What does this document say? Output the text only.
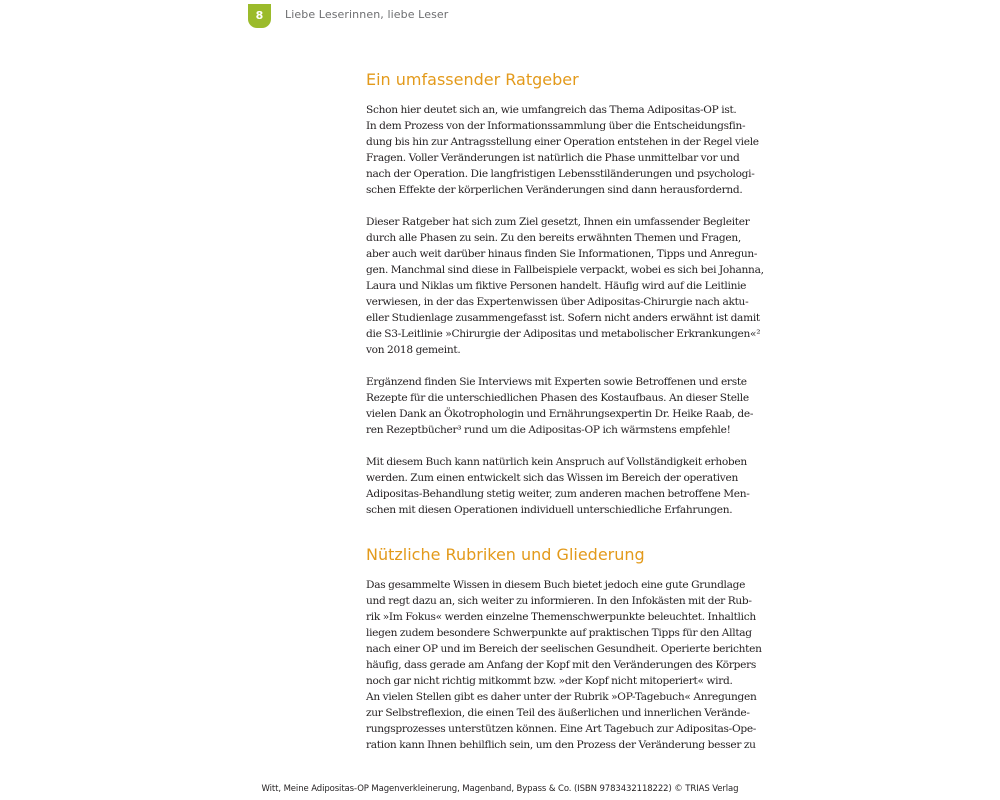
8	Liebe Leserinnen, liebe Leser
Ein umfassender Ratgeber

Schon hier deutet sich an, wie umfangreich das Thema Adipositas-OP ist.
In dem Prozess von der Informationssammlung über die Entscheidungsfin-
dung bis hin zur Antragsstellung einer Operation entstehen in der Regel viele
Fragen. Voller Veränderungen ist natürlich die Phase unmittelbar vor und
nach der Operation. Die langfristigen Lebensstiländerungen und psychologi-
schen Effekte der körperlichen Veränderungen sind dann herausfordernd.

Dieser Ratgeber hat sich zum Ziel gesetzt, Ihnen ein umfassender Begleiter
durch alle Phasen zu sein. Zu den bereits erwähnten Themen und Fragen,
aber auch weit darüber hinaus finden Sie Informationen, Tipps und Anregun-
gen. Manchmal sind diese in Fallbeispiele verpackt, wobei es sich bei Johanna,
Laura und Niklas um fiktive Personen handelt. Häufig wird auf die Leitlinie
verwiesen, in der das Expertenwissen über Adipositas-Chirurgie nach aktu-
eller Studienlage zusammengefasst ist. Sofern nicht anders erwähnt ist damit
die S3-Leitlinie »Chirurgie der Adipositas und metabolischer Erkrankungen«²
von 2018 gemeint.

Ergänzend finden Sie Interviews mit Experten sowie Betroffenen und erste
Rezepte für die unterschiedlichen Phasen des Kostaufbaus. An dieser Stelle
vielen Dank an Ökotrophologin und Ernährungsexpertin Dr. Heike Raab, de-
ren Rezeptbücher³ rund um die Adipositas-OP ich wärmstens empfehle!

Mit diesem Buch kann natürlich kein Anspruch auf Vollständigkeit erhoben
werden. Zum einen entwickelt sich das Wissen im Bereich der operativen
Adipositas-Behandlung stetig weiter, zum anderen machen betroffene Men-
schen mit diesen Operationen individuell unterschiedliche Erfahrungen.

Nützliche Rubriken und Gliederung

Das gesammelte Wissen in diesem Buch bietet jedoch eine gute Grundlage
und regt dazu an, sich weiter zu informieren. In den Infokästen mit der Rub-
rik »Im Fokus« werden einzelne Themenschwerpunkte beleuchtet. Inhaltlich
liegen zudem besondere Schwerpunkte auf praktischen Tipps für den Alltag
nach einer OP und im Bereich der seelischen Gesundheit. Operierte berichten
häufig, dass gerade am Anfang der Kopf mit den Veränderungen des Körpers
noch gar nicht richtig mitkommt bzw. »der Kopf nicht mitoperiert« wird.
An vielen Stellen gibt es daher unter der Rubrik »OP-Tagebuch« Anregungen
zur Selbstreflexion, die einen Teil des äußerlichen und innerlichen Verände-
rungsprozesses unterstützen können. Eine Art Tagebuch zur Adipositas-Ope-
ration kann Ihnen behilflich sein, um den Prozess der Veränderung besser zu

Witt, Meine Adipositas-OP Magenverkleinerung, Magenband, Bypass & Co. (ISBN 9783432118222) © TRIAS Verlag
